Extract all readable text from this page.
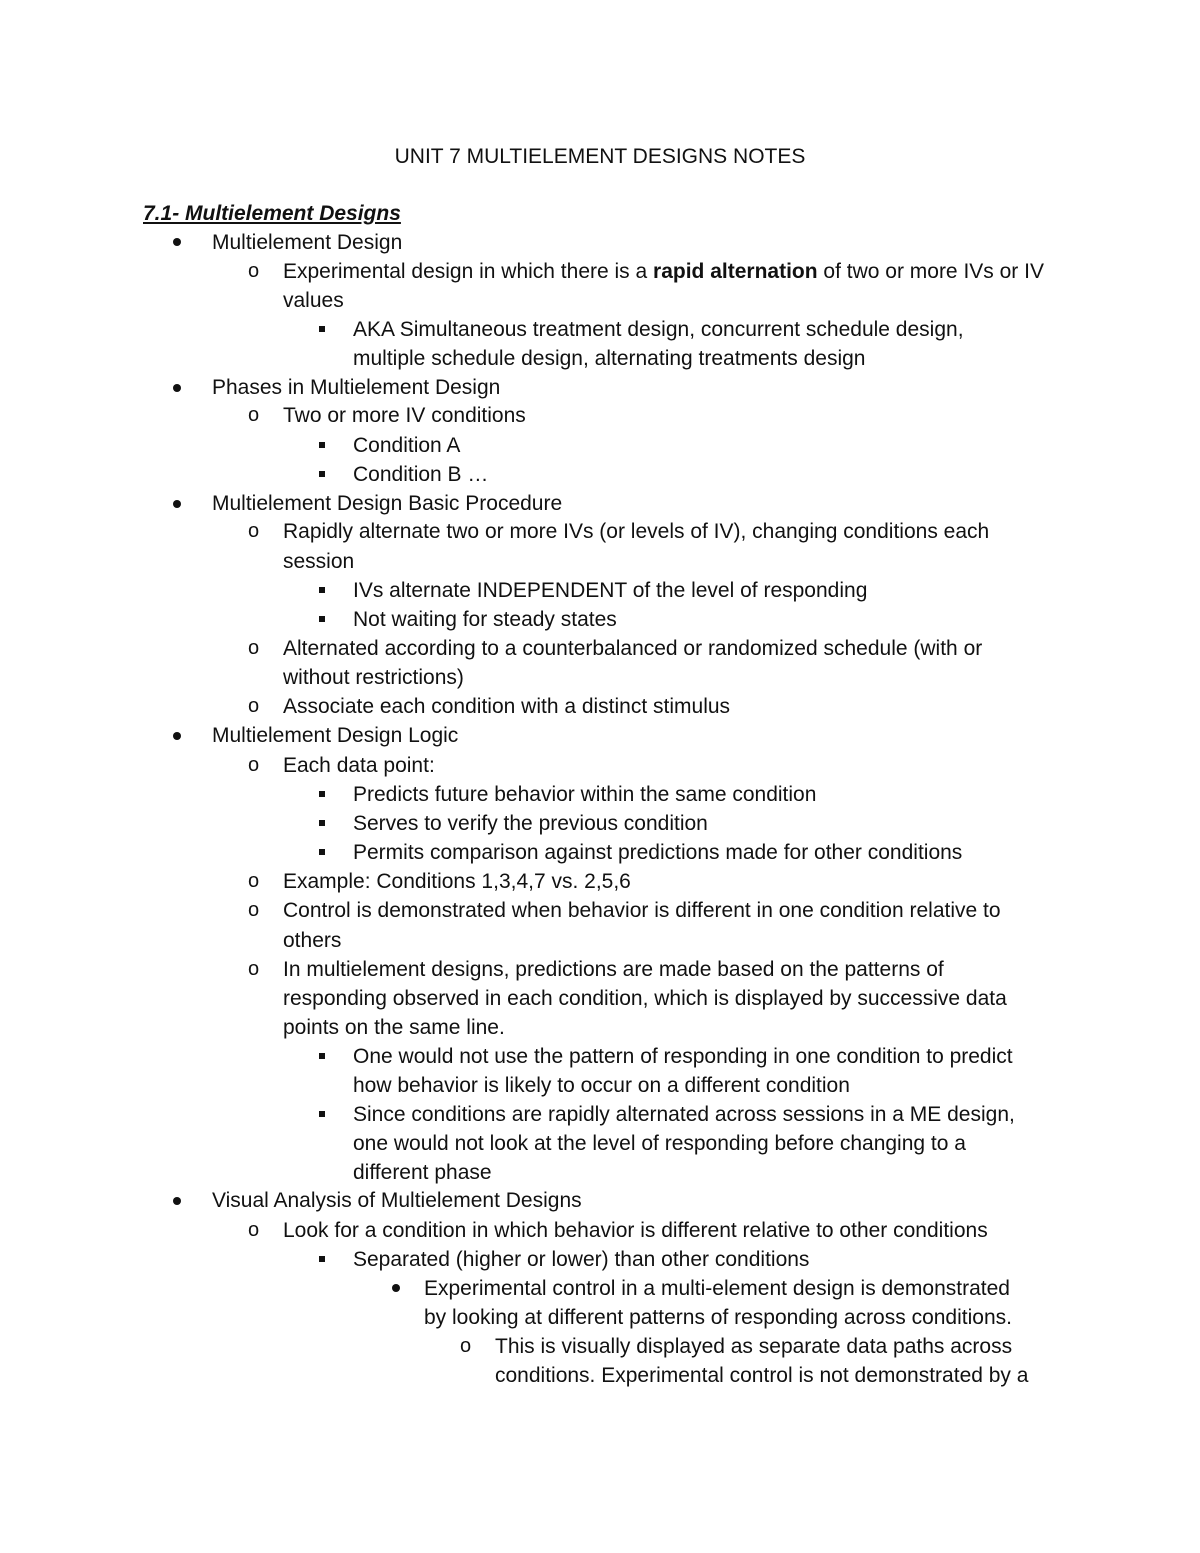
UNIT 7 MULTIELEMENT DESIGNS NOTES
7.1- Multielement Designs
Multielement Design
o Experimental design in which there is a rapid alternation of two or more IVs or IV
values
AKA Simultaneous treatment design, concurrent schedule design,
multiple schedule design, alternating treatments design
Phases in Multielement Design
o Two or more IV conditions
Condition A
Condition B …
Multielement Design Basic Procedure
o Rapidly alternate two or more IVs (or levels of IV), changing conditions each
session
IVs alternate INDEPENDENT of the level of responding
Not waiting for steady states
o Alternated according to a counterbalanced or randomized schedule (with or
without restrictions)
o Associate each condition with a distinct stimulus
Multielement Design Logic
o Each data point:
Predicts future behavior within the same condition
Serves to verify the previous condition
Permits comparison against predictions made for other conditions
o Example: Conditions 1,3,4,7 vs. 2,5,6
o Control is demonstrated when behavior is different in one condition relative to
others
o In multielement designs, predictions are made based on the patterns of
responding observed in each condition, which is displayed by successive data
points on the same line.
One would not use the pattern of responding in one condition to predict
how behavior is likely to occur on a different condition
Since conditions are rapidly alternated across sessions in a ME design,
one would not look at the level of responding before changing to a
different phase
Visual Analysis of Multielement Designs
o Look for a condition in which behavior is different relative to other conditions
Separated (higher or lower) than other conditions
Experimental control in a multi-element design is demonstrated
by looking at different patterns of responding across conditions.
o This is visually displayed as separate data paths across
conditions. Experimental control is not demonstrated by a
